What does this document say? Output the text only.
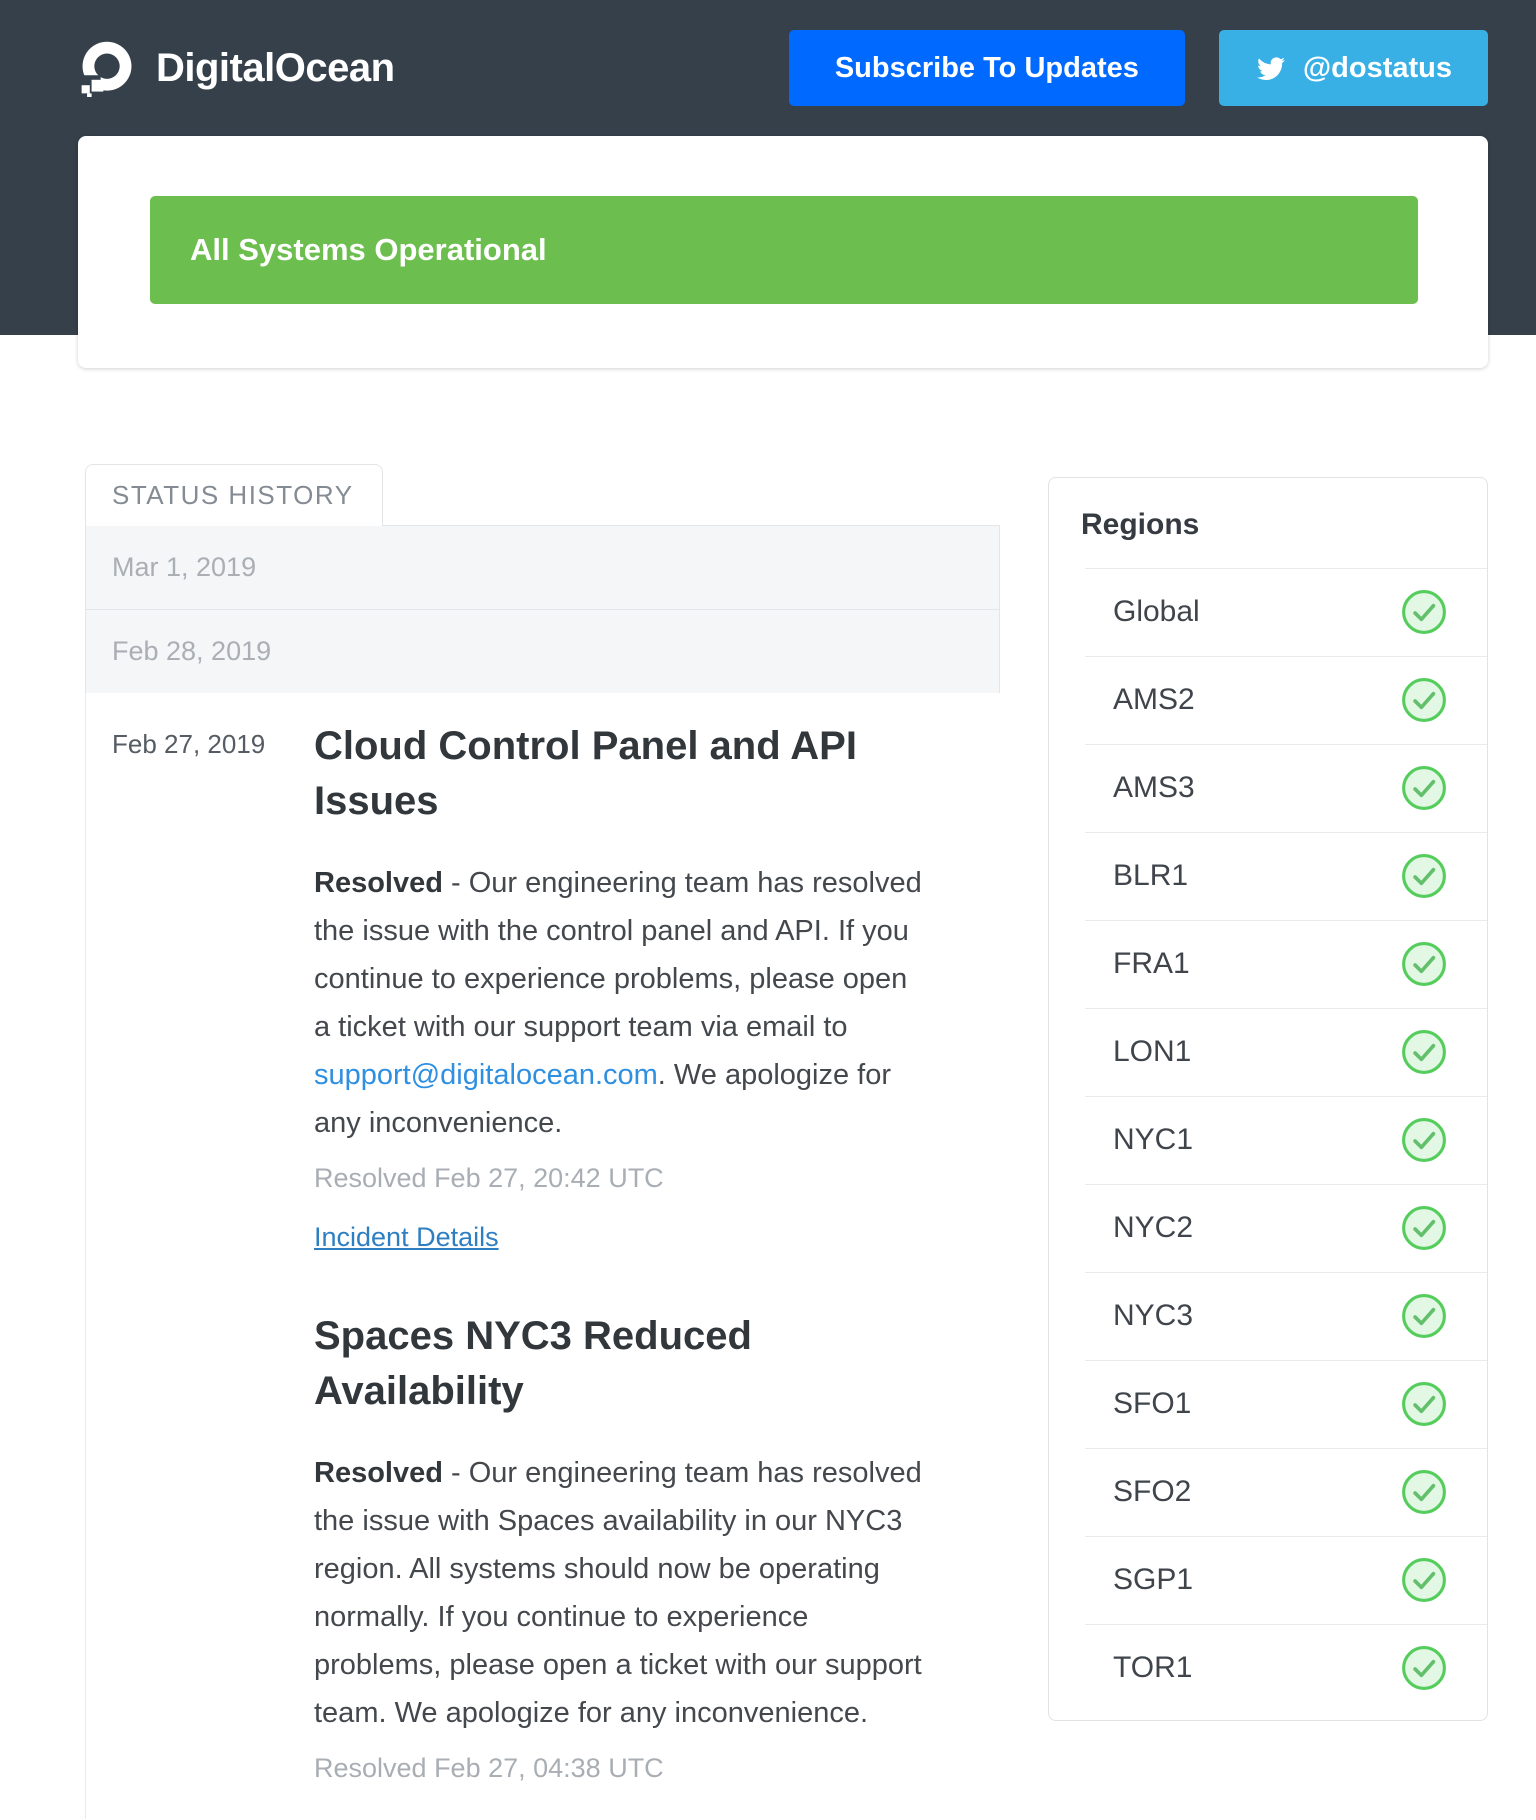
DigitalOcean	Subscribe To Updates	@dostatus
All Systems Operational
STATUS HISTORY
Mar 1, 2019
Feb 28, 2019
Feb 27, 2019	Cloud Control Panel and API Issues

Resolved - Our engineering team has resolved the issue with the control panel and API. If you continue to experience problems, please open a ticket with our support team via email to support@digitalocean.com. We apologize for any inconvenience.

Resolved Feb 27, 20:42 UTC

Incident Details
Spaces NYC3 Reduced Availability

Resolved - Our engineering team has resolved the issue with Spaces availability in our NYC3 region. All systems should now be operating normally. If you continue to experience problems, please open a ticket with our support team. We apologize for any inconvenience.

Resolved Feb 27, 04:38 UTC

Regions
Global
AMS2
AMS3
BLR1
FRA1
LON1
NYC1
NYC2
NYC3
SFO1
SFO2
SGP1
TOR1
